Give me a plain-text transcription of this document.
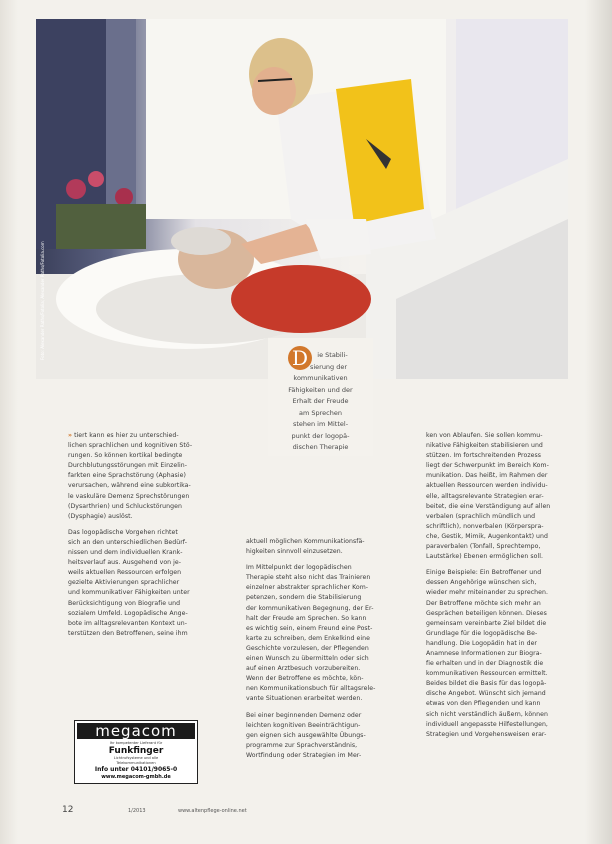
Foto: Alexander Raths/Fotolia; Alexander Raths/Fotolia.com	D	ie Stabili-
sierung der
kommunikativen
Fähigkeiten und der
Erhalt der Freude
am Sprechen
stehen im Mittel-
punkt der logopä-
dischen Therapie

» tiert kann es hier zu unterschied-
lichen sprachlichen und kognitiven Stö-
rungen. So können kortikal bedingte
Durchblutungsstörungen mit Einzelin-
farkten eine Sprachstörung (Aphasie)
verursachen, während eine subkortika-
le vaskuläre Demenz Sprechstörungen
(Dysarthrien) und Schluckstörungen
(Dysphagie) auslöst.

Das logopädische Vorgehen richtet
sich an den unterschiedlichen Bedürf-
nissen und dem individuellen Krank-
heitsverlauf aus. Ausgehend von je-
weils aktuellen Ressourcen erfolgen
gezielte Aktivierungen sprachlicher
und kommunikativer Fähigkeiten unter
Berücksichtigung von Biografie und
sozialem Umfeld. Logopädische Ange-
bote im alltagsrelevanten Kontext un-
terstützen den Betroffenen, seine ihm

aktuell möglichen Kommunikationsfä-
higkeiten sinnvoll einzusetzen.

Im Mittelpunkt der logopädischen
Therapie steht also nicht das Trainieren
einzelner abstrakter sprachlicher Kom-
petenzen, sondern die Stabilisierung
der kommunikativen Begegnung, der Er-
halt der Freude am Sprechen. So kann
es wichtig sein, einem Freund eine Post-
karte zu schreiben, dem Enkelkind eine
Geschichte vorzulesen, der Pflegenden
einen Wunsch zu übermitteln oder sich
auf einen Arztbesuch vorzubereiten.
Wenn der Betroffene es möchte, kön-
nen Kommunikationsbuch für alltagsrele-
vante Situationen erarbeitet werden.

Bei einer beginnenden Demenz oder
leichten kognitiven Beeinträchtigun-
gen eignen sich ausgewählte Übungs-
programme zur Sprachverständnis,
Wortfindung oder Strategien im Mer-

ken von Ablaufen. Sie sollen kommu-
nikative Fähigkeiten stabilisieren und
stützen. Im fortschreitenden Prozess
liegt der Schwerpunkt im Bereich Kom-
munikation. Das heißt, im Rahmen der
aktuellen Ressourcen werden individu-
elle, alltagsrelevante Strategien erar-
beitet, die eine Verständigung auf allen
verbalen (sprachlich mündlich und
schriftlich), nonverbalen (Körperspra-
che, Gestik, Mimik, Augenkontakt) und
paraverbalen (Tonfall, Sprechtempo,
Lautstärke) Ebenen ermöglichen soll.

Einige Beispiele: Ein Betroffener und
dessen Angehörige wünschen sich,
wieder mehr miteinander zu sprechen.
Der Betroffene möchte sich mehr an
Gesprächen beteiligen können. Dieses
gemeinsam vereinbarte Ziel bildet die
Grundlage für die logopädische Be-
handlung. Die Logopädin hat in der
Anamnese Informationen zur Biogra-
fie erhalten und in der Diagnostik die
kommunikativen Ressourcen ermittelt.
Beides bildet die Basis für das logopä-
dische Angebot. Wünscht sich jemand
etwas von den Pflegenden und kann
sich nicht verständlich äußern, können
individuell angepasste Hilfestellungen,
Strategien und Vorgehensweisen erar-

megacom
Ihr kompetenter Lieferant für
Funkfinger
Lichtrufsysteme und alle
Telekommunikationen
Info unter 04101/9065-0
www.megacom-gmbh.de
12	1/2013	www.altenpflege-online.net
